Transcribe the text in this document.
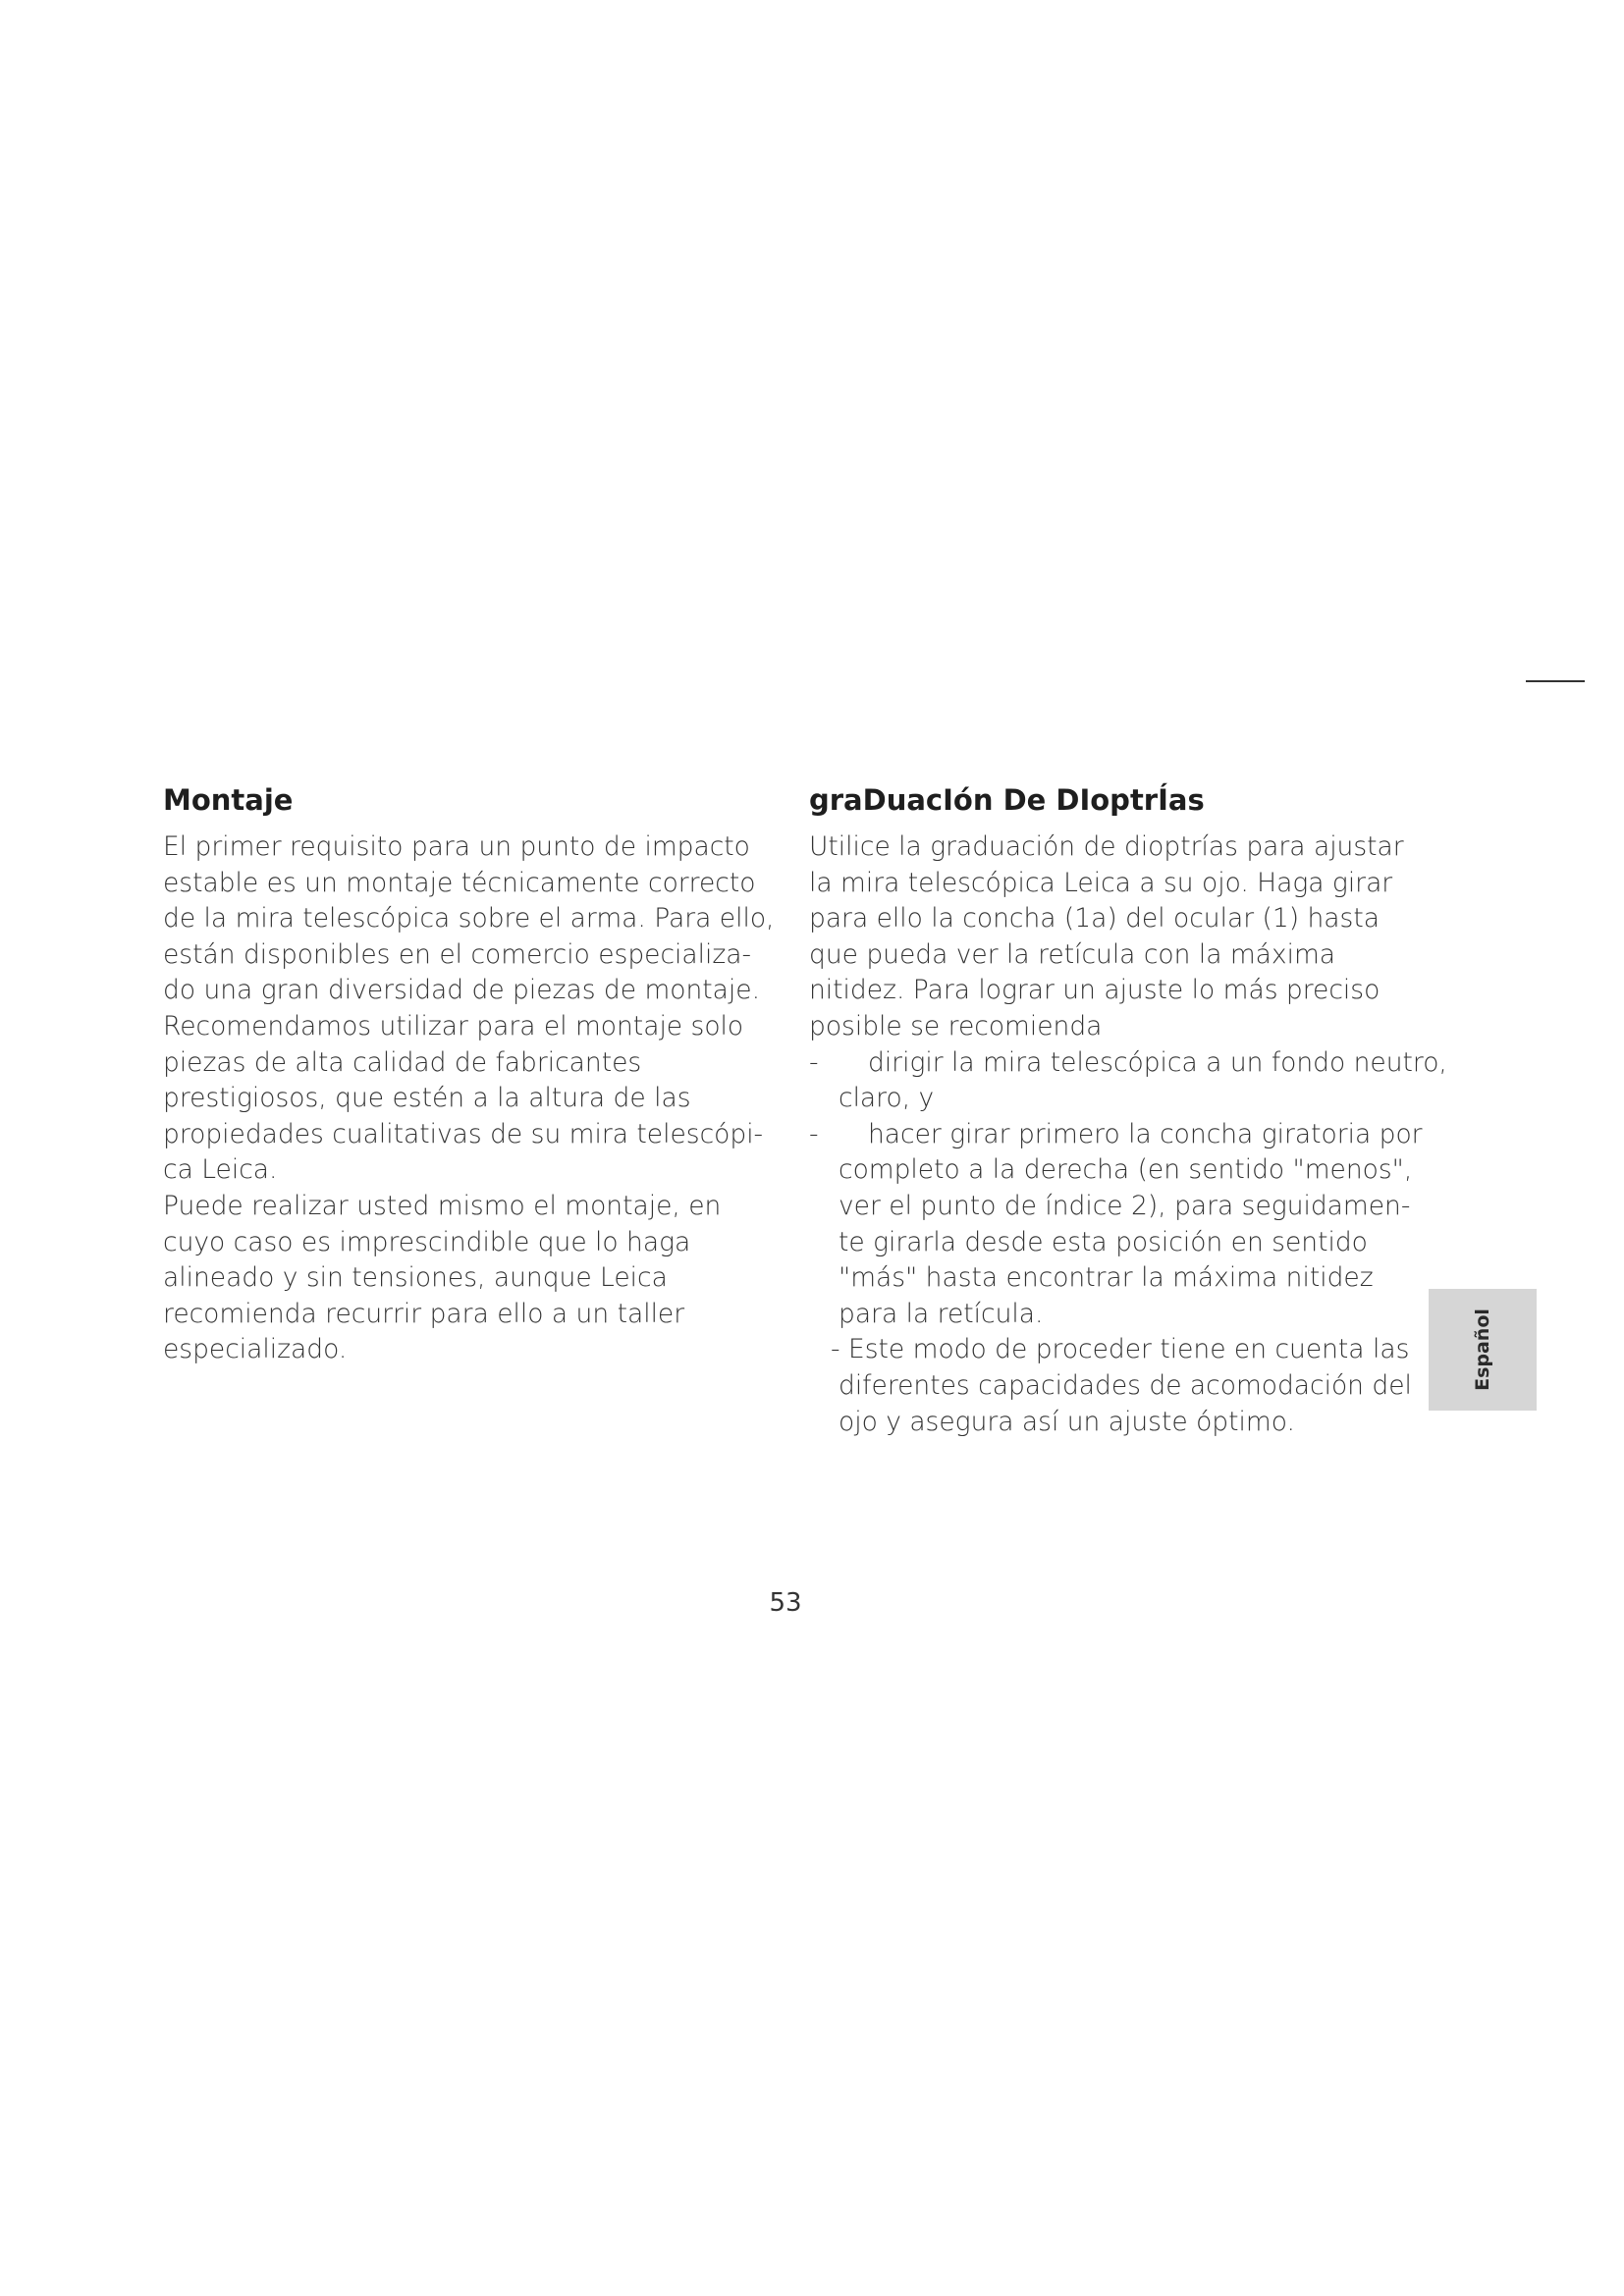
Montaje
El primer requisito para un punto de impacto
estable es un montaje técnicamente correcto
de la mira telescópica sobre el arma. Para ello,
están disponibles en el comercio especializa-
do una gran diversidad de piezas de montaje.
Recomendamos utilizar para el montaje solo
piezas de alta calidad de fabricantes
prestigiosos, que estén a la altura de las
propiedades cualitativas de su mira telescópi-
ca Leica.
Puede realizar usted mismo el montaje, en
cuyo caso es imprescindible que lo haga
alineado y sin tensiones, aunque Leica
recomienda recurrir para ello a un taller
especializado.
graDuacIón De DIoptrÍas
Utilice la graduación de dioptrías para ajustar
la mira telescópica Leica a su ojo. Haga girar
para ello la concha (1a) del ocular (1) hasta
que pueda ver la retícula con la máxima
nitidez. Para lograr un ajuste lo más preciso
posible se recomienda
- dirigir la mira telescópica a un fondo neutro,
claro, y
- hacer girar primero la concha giratoria por
completo a la derecha (en sentido "menos",
ver el punto de índice 2), para seguidamen-
te girarla desde esta posición en sentido
"más" hasta encontrar la máxima nitidez
para la retícula.
- Este modo de proceder tiene en cuenta las
diferentes capacidades de acomodación del
ojo y asegura así un ajuste óptimo.
Español
53
